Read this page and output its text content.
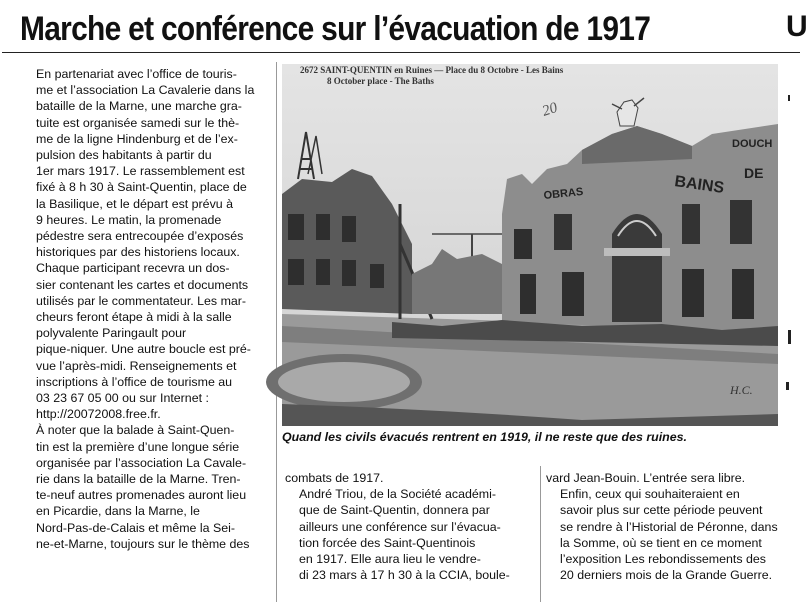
Marche et conférence sur l’évacuation de 1917	U

En partenariat avec l’office de touris-
me et l’association La Cavalerie dans la
bataille de la Marne, une marche gra-
tuite est organisée samedi sur le thè-
me de la ligne Hindenburg et de l’ex-
pulsion des habitants à partir du
1er mars 1917. Le rassemblement est
fixé à 8 h 30 à Saint-Quentin, place de
la Basilique, et le départ est prévu à
9 heures. Le matin, la promenade
pédestre sera entrecoupée d’exposés
historiques par des historiens locaux.

Chaque participant recevra un dos-
sier contenant les cartes et documents
utilisés par le commentateur. Les mar-
cheurs feront étape à midi à la salle
polyvalente Paringault pour
pique-niquer. Une autre boucle est pré-
vue l’après-midi. Renseignements et
inscriptions à l’office de tourisme au
03 23 67 05 00 ou sur Internet :
http://20072008.free.fr.

À noter que la balade à Saint-Quen-
tin est la première d’une longue série
organisée par l’association La Cavale-
rie dans la bataille de la Marne. Tren-
te-neuf autres promenades auront lieu
en Picardie, dans la Marne, le
Nord-Pas-de-Calais et même la Sei-
ne-et-Marne, toujours sur le thème des

2672 SAINT-QUENTIN en Ruines — Place du 8 Octobre - Les Bains
8 October place - The Baths
20
DOUCH
BAINS
DE
OBRAS
H.C.
Quand les civils évacués rentrent en 1919, il ne reste que des ruines.

combats de 1917.

André Triou, de la Société académi-
que de Saint-Quentin, donnera par
ailleurs une conférence sur l’évacua-
tion forcée des Saint-Quentinois
en 1917. Elle aura lieu le vendre-
di 23 mars à 17 h 30 à la CCIA, boule-

vard Jean-Bouin. L’entrée sera libre.

Enfin, ceux qui souhaiteraient en
savoir plus sur cette période peuvent
se rendre à l’Historial de Péronne, dans
la Somme, où se tient en ce moment
l’exposition Les rebondissements des
20 derniers mois de la Grande Guerre.
